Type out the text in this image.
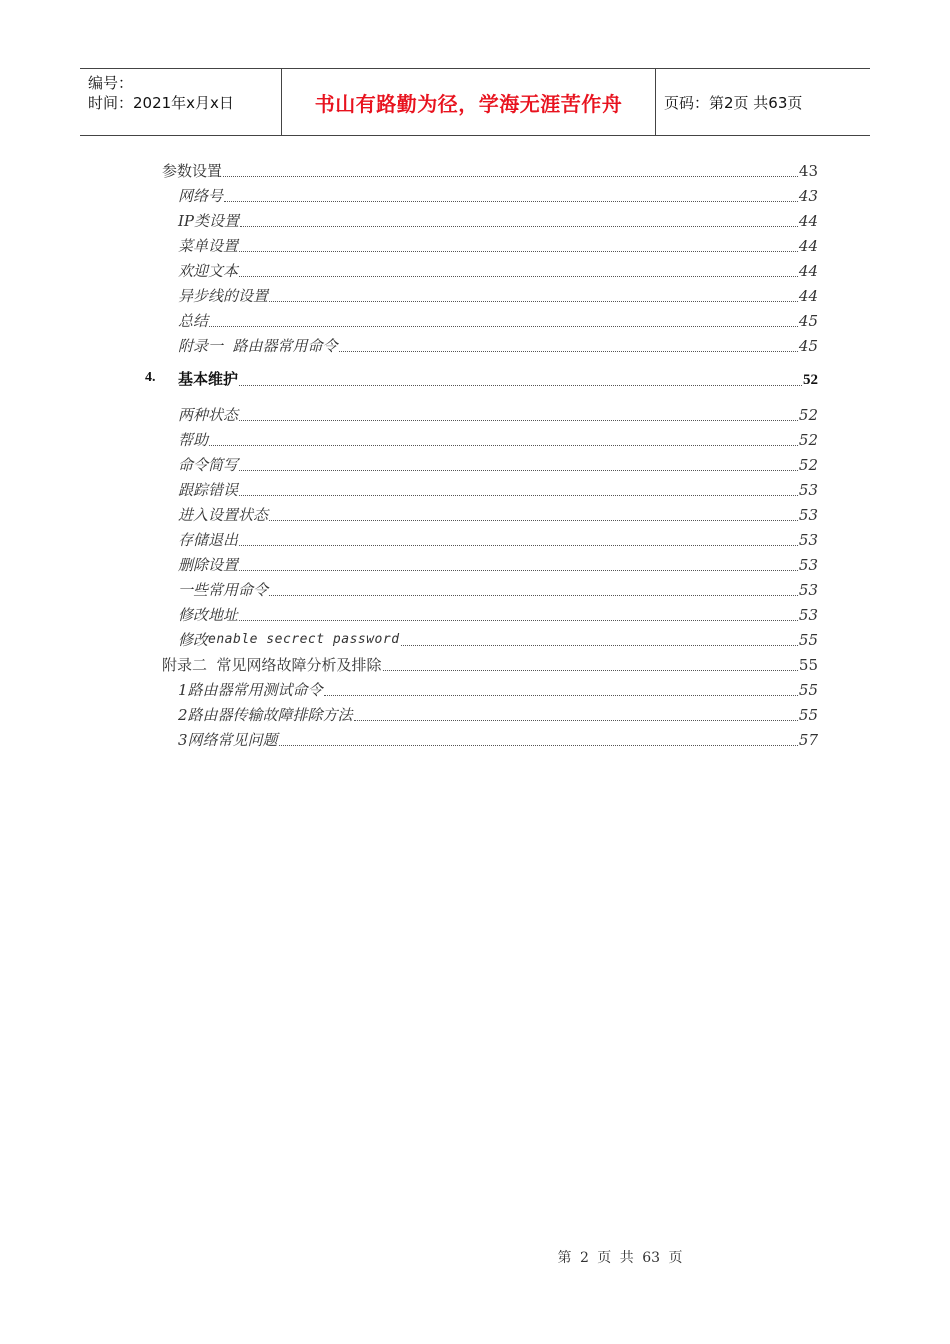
编号：
时间：2021年x月x日	书山有路勤为径，学海无涯苦作舟	页码：第2页 共63页
参数设置	43
网络号	43
IP类设置	44
菜单设置	44
欢迎文本	44
异步线的设置	44
总结	45
附录一  路由器常用命令	45
4. 基本维护	52
两种状态	52
帮助	52
命令简写	52
跟踪错误	53
进入设置状态	53
存储退出	53
删除设置	53
一些常用命令	53
修改地址	53
修改 enable secrect password	55
附录二  常见网络故障分析及排除	55
1路由器常用测试命令	55
2路由器传输故障排除方法	55
3网络常见问题	57
第 2 页 共 63 页
